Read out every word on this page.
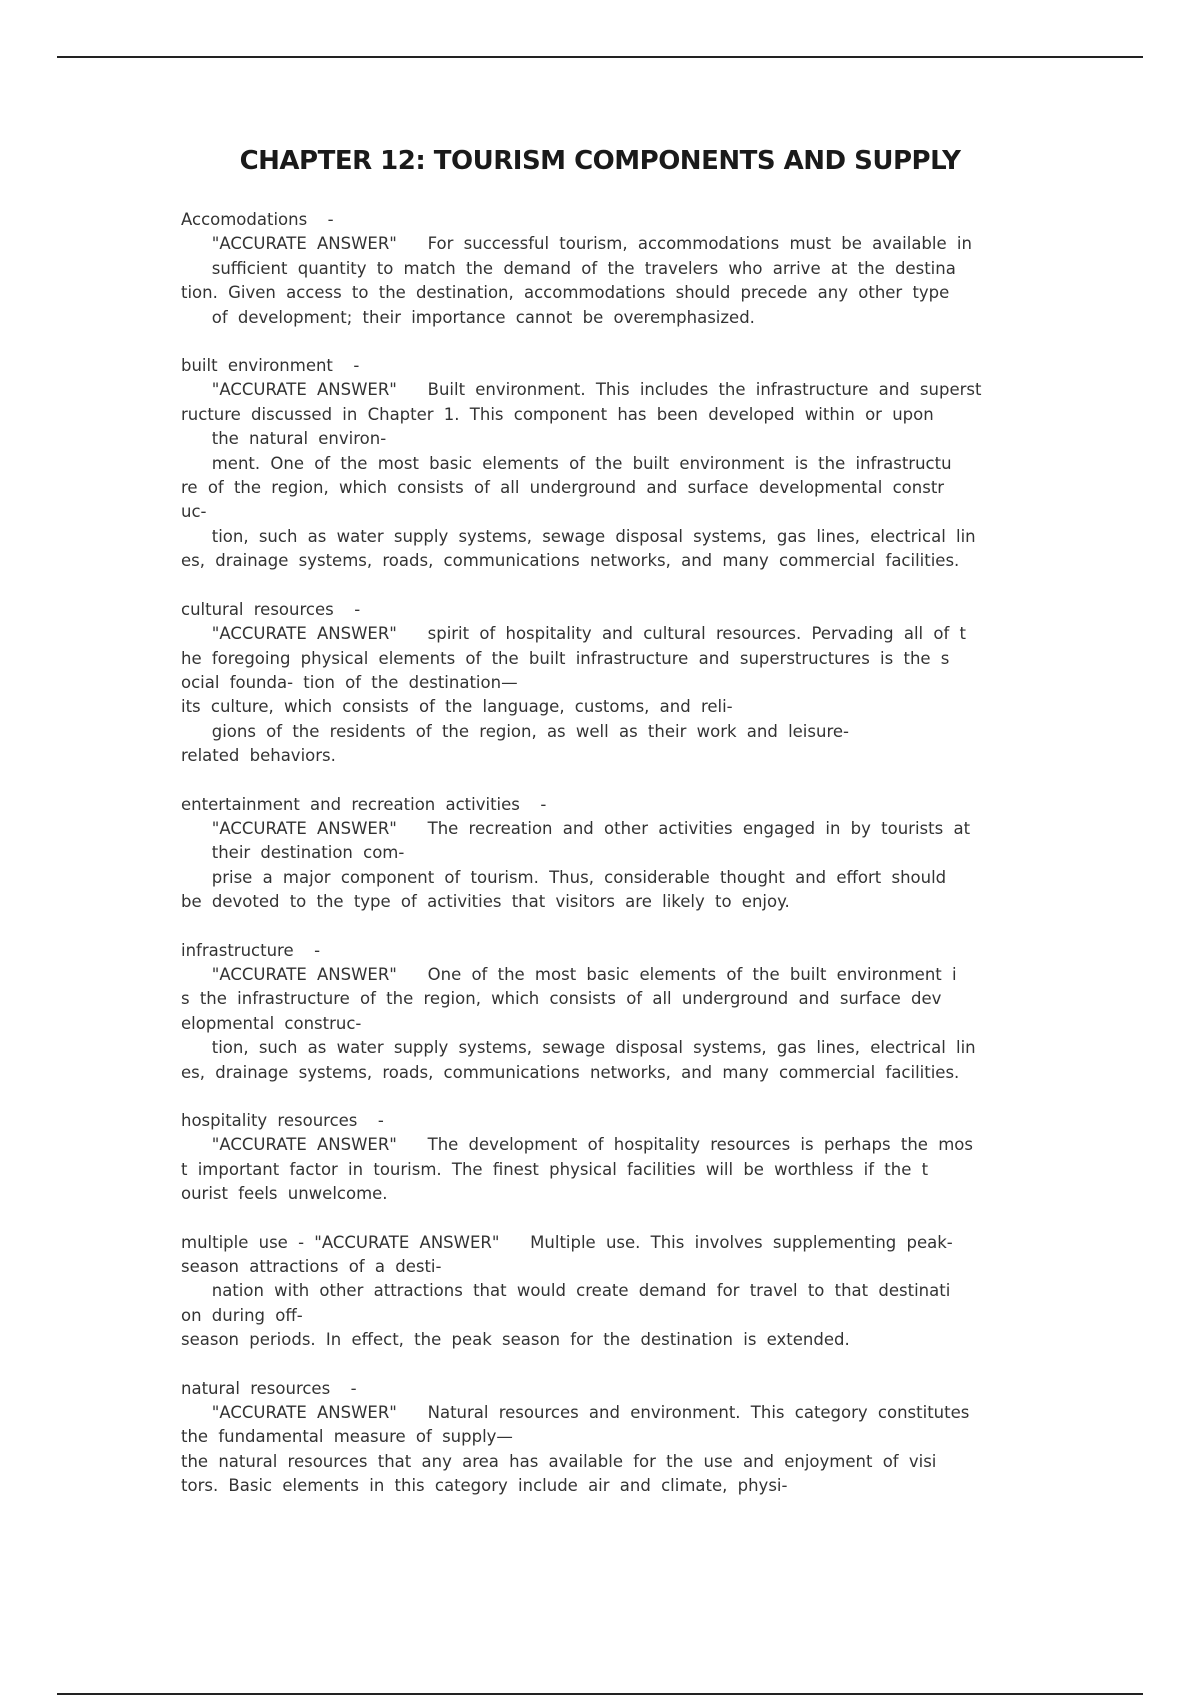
CHAPTER 12: TOURISM COMPONENTS AND SUPPLY
Accomodations  -
"ACCURATE ANSWER"   For successful tourism, accommodations must be available in
sufficient quantity to match the demand of the travelers who arrive at the destina
tion. Given access to the destination, accommodations should precede any other type
of development; their importance cannot be overemphasized.
built environment  -
"ACCURATE ANSWER"   Built environment. This includes the infrastructure and superst
ructure discussed in Chapter 1. This component has been developed within or upon
the natural environ-
ment. One of the most basic elements of the built environment is the infrastructu
re of the region, which consists of all underground and surface developmental constr
uc-
tion, such as water supply systems, sewage disposal systems, gas lines, electrical lin
es, drainage systems, roads, communications networks, and many commercial facilities.
cultural resources  -
"ACCURATE ANSWER"   spirit of hospitality and cultural resources. Pervading all of t
he foregoing physical elements of the built infrastructure and superstructures is the s
ocial founda- tion of the destination—
its culture, which consists of the language, customs, and reli-
gions of the residents of the region, as well as their work and leisure-
related behaviors.
entertainment and recreation activities  -
"ACCURATE ANSWER"   The recreation and other activities engaged in by tourists at
their destination com-
prise a major component of tourism. Thus, considerable thought and effort should
be devoted to the type of activities that visitors are likely to enjoy.
infrastructure  -
"ACCURATE ANSWER"   One of the most basic elements of the built environment i
s the infrastructure of the region, which consists of all underground and surface dev
elopmental construc-
tion, such as water supply systems, sewage disposal systems, gas lines, electrical lin
es, drainage systems, roads, communications networks, and many commercial facilities.
hospitality resources  -
"ACCURATE ANSWER"   The development of hospitality resources is perhaps the mos
t important factor in tourism. The finest physical facilities will be worthless if the t
ourist feels unwelcome.
multiple use - "ACCURATE ANSWER"   Multiple use. This involves supplementing peak-
season attractions of a desti-
nation with other attractions that would create demand for travel to that destinati
on during off-
season periods. In effect, the peak season for the destination is extended.
natural resources  -
"ACCURATE ANSWER"   Natural resources and environment. This category constitutes
the fundamental measure of supply—
the natural resources that any area has available for the use and enjoyment of visi
tors. Basic elements in this category include air and climate, physi-
